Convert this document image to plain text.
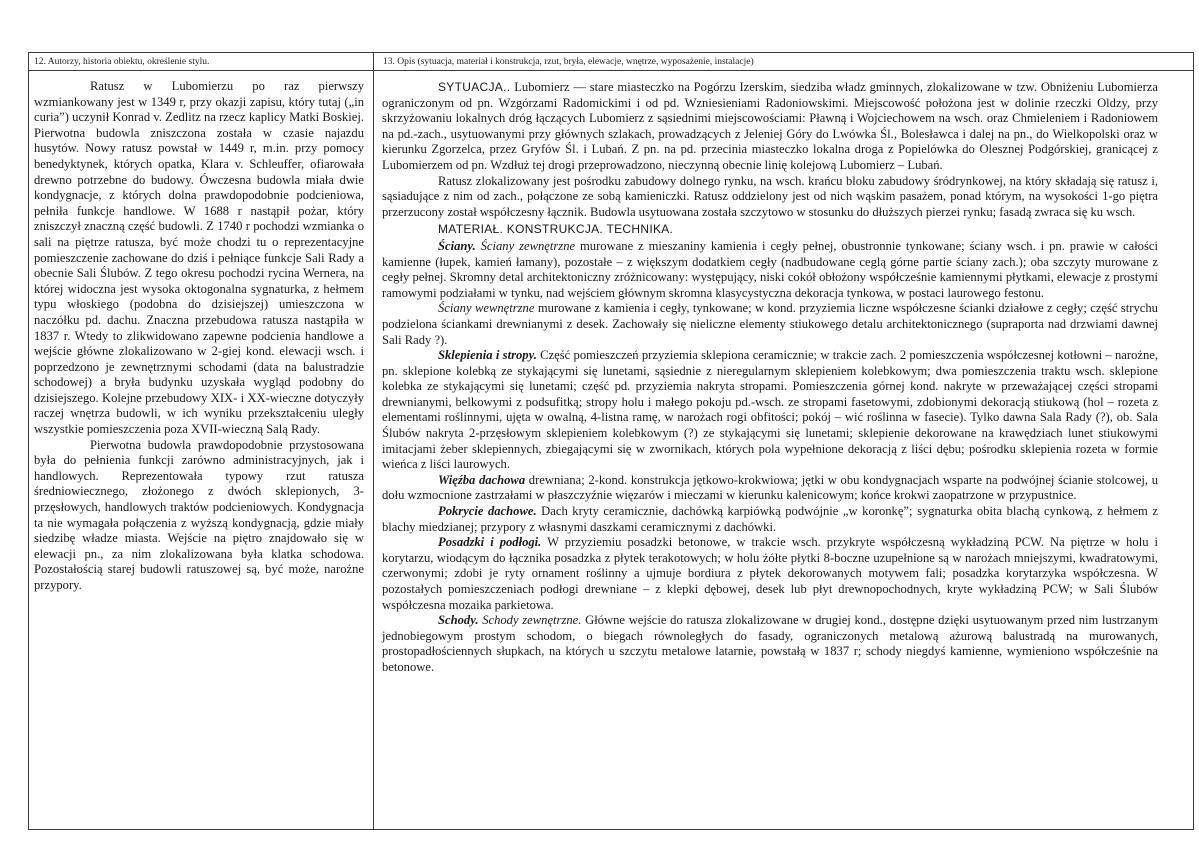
12. Autorzy, historia obiektu, określenie stylu.	13. Opis (sytuacja, materiał i konstrukcja, rzut, bryła, elewacje, wnętrze, wyposażenie, instalacje)

Ratusz w Lubomierzu po raz pierwszy wzmiankowany jest w 1349 r, przy okazji zapisu, który tutaj („in curia”) uczynił Konrad v. Zedlitz na rzecz kaplicy Matki Boskiej. Pierwotna budowla zniszczona została w czasie najazdu husytów. Nowy ratusz powstał w 1449 r, m.in. przy pomocy benedyktynek, których opatka, Klara v. Schleuffer, ofiarowała drewno potrzebne do budowy. Ówczesna budowla miała dwie kondygnacje, z których dolna prawdopodobnie podcieniowa, pełniła funkcje handlowe. W 1688 r nastąpił pożar, który zniszczył znaczną część budowli. Z 1740 r pochodzi wzmianka o sali na piętrze ratusza, być może chodzi tu o reprezentacyjne pomieszczenie zachowane do dziś i pełniące funkcje Sali Rady a obecnie Sali Ślubów. Z tego okresu pochodzi rycina Wernera, na której widoczna jest wysoka oktogonalna sygnaturka, z hełmem typu włoskiego (podobna do dzisiejszej) umieszczona w naczółku pd. dachu. Znaczna przebudowa ratusza nastąpiła w 1837 r. Wtedy to zlikwidowano zapewne podcienia handlowe a wejście główne zlokalizowano w 2-giej kond. elewacji wsch. i poprzedzono je zewnętrznymi schodami (data na balustradzie schodowej) a bryła budynku uzyskała wygląd podobny do dzisiejszego. Kolejne przebudowy XIX- i XX-wieczne dotyczyły raczej wnętrza budowli, w ich wyniku przekształceniu uległy wszystkie pomieszczenia poza XVII-wieczną Salą Rady.

Pierwotna budowla prawdopodobnie przystosowana była do pełnienia funkcji zarówno administracyjnych, jak i handlowych. Reprezentowała typowy rzut ratusza średniowiecznego, złożonego z dwóch sklepionych, 3-przęsłowych, handlowych traktów podcieniowych. Kondygnacja ta nie wymagała połączenia z wyższą kondygnacją, gdzie miały siedzibę władze miasta. Wejście na piętro znajdowało się w elewacji pn., za nim zlokalizowana była klatka schodowa. Pozostałością starej budowli ratuszowej są, być może, narożne przypory.

SYTUACJA.. Lubomierz — stare miasteczko na Pogórzu Izerskim, siedziba władz gminnych, zlokalizowane w tzw. Obniżeniu Lubomierza ograniczonym od pn. Wzgórzami Radomickimi i od pd. Wzniesieniami Radoniowskimi. Miejscowość położona jest w dolinie rzeczki Oldzy, przy skrzyżowaniu lokalnych dróg łączących Lubomierz z sąsiednimi miejscowościami: Pławną i Wojciechowem na wsch. oraz Chmieleniem i Radoniowem na pd.-zach., usytuowanymi przy głównych szlakach, prowadzących z Jeleniej Góry do Lwówka Śl., Bolesławca i dalej na pn., do Wielkopolski oraz w kierunku Zgorzelca, przez Gryfów Śl. i Lubań. Z pn. na pd. przecinia miasteczko lokalna droga z Popielówka do Olesznej Podgórskiej, granicącej z Lubomierzem od pn. Wzdłuż tej drogi przeprowadzono, nieczynną obecnie linię kolejową Lubomierz – Lubań.

Ratusz zlokalizowany jest pośrodku zabudowy dolnego rynku, na wsch. krańcu bloku zabudowy śródrynkowej, na który składają się ratusz i, sąsiadujące z nim od zach., połączone ze sobą kamieniczki. Ratusz oddzielony jest od nich wąskim pasażem, ponad którym, na wysokości 1-go piętra przerzucony został współczesny łącznik. Budowla usytuowana została szczytowo w stosunku do dłuższych pierzei rynku; fasadą zwraca się ku wsch.

MATERIAŁ. KONSTRUKCJA. TECHNIKA.

Ściany. Ściany zewnętrzne murowane z mieszaniny kamienia i cegły pełnej, obustronnie tynkowane; ściany wsch. i pn. prawie w całości kamienne (łupek, kamień łamany), pozostałe – z większym dodatkiem cegły (nadbudowane ceglą górne partie ściany zach.); oba szczyty murowane z cegły pełnej. Skromny detal architektoniczny zróżnicowany: występujący, niski cokół obłożony współcześnie kamiennymi płytkami, elewacje z prostymi ramowymi podziałami w tynku, nad wejściem głównym skromna klasycystyczna dekoracja tynkowa, w postaci laurowego festonu.

Ściany wewnętrzne murowane z kamienia i cegły, tynkowane; w kond. przyziemia liczne współczesne ścianki działowe z cegły; część strychu podzielona ściankami drewnianymi z desek. Zachowały się nieliczne elementy stiukowego detalu architektonicznego (supraporta nad drzwiami dawnej Sali Rady ?).

Sklepienia i stropy. Część pomieszczeń przyziemia sklepiona ceramicznie; w trakcie zach. 2 pomieszczenia współczesnej kotłowni – narożne, pn. sklepione kolebką ze stykającymi się lunetami, sąsiednie z nieregularnym sklepieniem kolebkowym; dwa pomieszczenia traktu wsch. sklepione kolebka ze stykającymi się lunetami; część pd. przyziemia nakryta stropami. Pomieszczenia górnej kond. nakryte w przeważającej części stropami drewnianymi, belkowymi z podsufitką; stropy holu i małego pokoju pd.-wsch. ze stropami fasetowymi, zdobionymi dekoracją stiukową (hol – rozeta z elementami roślinnymi, ujęta w owalną, 4-listna ramę, w narożach rogi obfitości; pokój – wić roślinna w fasecie). Tylko dawna Sala Rady (?), ob. Sala Ślubów nakryta 2-przęsłowym sklepieniem kolebkowym (?) ze stykającymi się lunetami; sklepienie dekorowane na krawędziach lunet stiukowymi imitacjami żeber sklepiennych, zbiegającymi się w zwornikach, których pola wypełnione dekoracją z liści dębu; pośrodku sklepienia rozeta w formie wieńca z liści laurowych.

Więźba dachowa drewniana; 2-kond. konstrukcja jętkowo-krokwiowa; jętki w obu kondygnacjach wsparte na podwójnej ścianie stolcowej, u dołu wzmocnione zastrzałami w płaszczyźnie więzarów i mieczami w kierunku kalenicowym; końce krokwi zaopatrzone w przypustnice.

Pokrycie dachowe. Dach kryty ceramicznie, dachówką karpiówką podwójnie „w koronkę”; sygnaturka obita blachą cynkową, z hełmem z blachy miedzianej; przypory z własnymi daszkami ceramicznymi z dachówki.

Posadzki i podłogi. W przyziemiu posadzki betonowe, w trakcie wsch. przykryte współczesną wykładziną PCW. Na piętrze w holu i korytarzu, wiodącym do łącznika posadzka z płytek terakotowych; w holu żółte płytki 8-boczne uzupełnione są w narożach mniejszymi, kwadratowymi, czerwonymi; zdobi je ryty ornament roślinny a ujmuje bordiura z płytek dekorowanych motywem fali; posadzka korytarzyka współczesna. W pozostałych pomieszczeniach podłogi drewniane – z klepki dębowej, desek lub płyt drewnopochodnych, kryte wykładziną PCW; w Sali Ślubów współczesna mozaika parkietowa.

Schody. Schody zewnętrzne. Główne wejście do ratusza zlokalizowane w drugiej kond., dostępne dzięki usytuowanym przed nim lustrzanym jednobiegowym prostym schodom, o biegach równoległych do fasady, ograniczonych metalową ażurową balustradą na murowanych, prostopadłościennych słupkach, na których u szczytu metalowe latarnie, powstałą w 1837 r; schody niegdyś kamienne, wymieniono współcześnie na betonowe.
